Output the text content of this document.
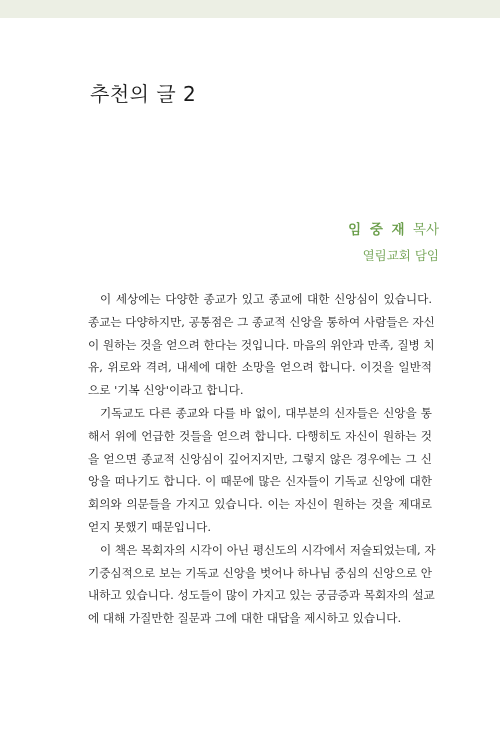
추천의 글 2
임 중 재 목사
열림교회 담임
이 세상에는 다양한 종교가 있고 종교에 대한 신앙심이 있습니다.
종교는 다양하지만, 공통점은 그 종교적 신앙을 통하여 사람들은 자신
이 원하는 것을 얻으려 한다는 것입니다. 마음의 위안과 만족, 질병 치
유, 위로와 격려, 내세에 대한 소망을 얻으려 합니다. 이것을 일반적
으로 '기복 신앙'이라고 합니다.
기독교도 다른 종교와 다를 바 없이, 대부분의 신자들은 신앙을 통
해서 위에 언급한 것들을 얻으려 합니다. 다행히도 자신이 원하는 것
을 얻으면 종교적 신앙심이 깊어지지만, 그렇지 않은 경우에는 그 신
앙을 떠나기도 합니다. 이 때문에 많은 신자들이 기독교 신앙에 대한
회의와 의문들을 가지고 있습니다. 이는 자신이 원하는 것을 제대로
얻지 못했기 때문입니다.
이 책은 목회자의 시각이 아닌 평신도의 시각에서 저술되었는데, 자
기중심적으로 보는 기독교 신앙을 벗어나 하나님 중심의 신앙으로 안
내하고 있습니다. 성도들이 많이 가지고 있는 궁금증과 목회자의 설교
에 대해 가질만한 질문과 그에 대한 대답을 제시하고 있습니다.
